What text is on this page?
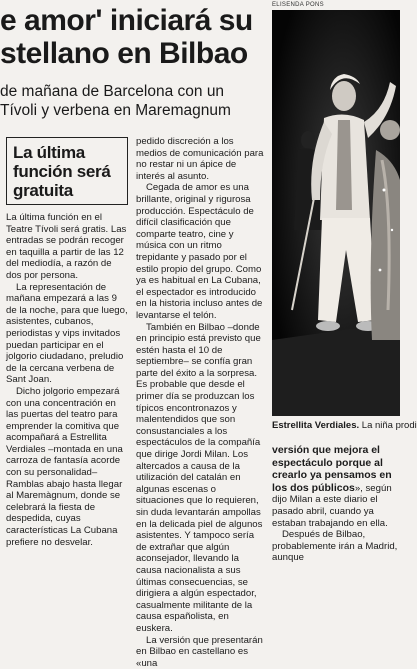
e amor' iniciará su
stellano en Bilbao
de mañana de Barcelona con un
Tívoli y verbena en Maremagnum
ELISENDA PONS
Estrellita Verdiales. La niña prodi
La última
función será
gratuita

La última función en el Teatre Tívoli será gratis. Las entradas se podrán recoger en taquilla a partir de las 12 del mediodía, a razón de dos por persona.

La representación de mañana empezará a las 9 de la noche, para que luego, asistentes, cubanos, periodistas y vips invitados puedan participar en el jolgorio ciudadano, preludio de la cercana verbena de Sant Joan.

Dicho jolgorio empezará con una concentración en las puertas del teatro para emprender la comitiva que acompañará a Estrellita Verdiales –montada en una carroza de fantasía acorde con su personalidad– Ramblas abajo hasta llegar al Maremàgnum, donde se celebrará la fiesta de despedida, cuyas características La Cubana prefiere no desvelar.

pedido discreción a los medios de comunicación para no restar ni un ápice de interés al asunto.

Cegada de amor es una brillante, original y rigurosa producción. Espectáculo de difícil clasificación que comparte teatro, cine y música con un ritmo trepidante y pasado por el estilo propio del grupo. Como ya es habitual en La Cubana, el espectador es introducido en la historia incluso antes de levantarse el telón.

También en Bilbao –donde en principio está previsto que estén hasta el 10 de septiembre– se confía gran parte del éxito a la sorpresa. Es probable que desde el primer día se produzcan los típicos encontronazos y malentendidos que son consustanciales a los espectáculos de la compañía que dirige Jordi Milan. Los altercados a causa de la utilización del catalán en algunas escenas o situaciones que lo requieren, sin duda levantarán ampollas en la delicada piel de algunos asistentes. Y tampoco sería de extrañar que algún aconsejador, llevando la causa nacionalista a sus últimas consecuencias, se dirigiera a algún espectador, casualmente militante de la causa españolista, en euskera.

La versión que presentarán en Bilbao en castellano es «una

versión que mejora el espectáculo porque al crearlo ya pensamos en los dos públicos», según dijo Milan a este diario el pasado abril, cuando ya estaban trabajando en ella.

Después de Bilbao, probablemente irán a Madrid, aunque
